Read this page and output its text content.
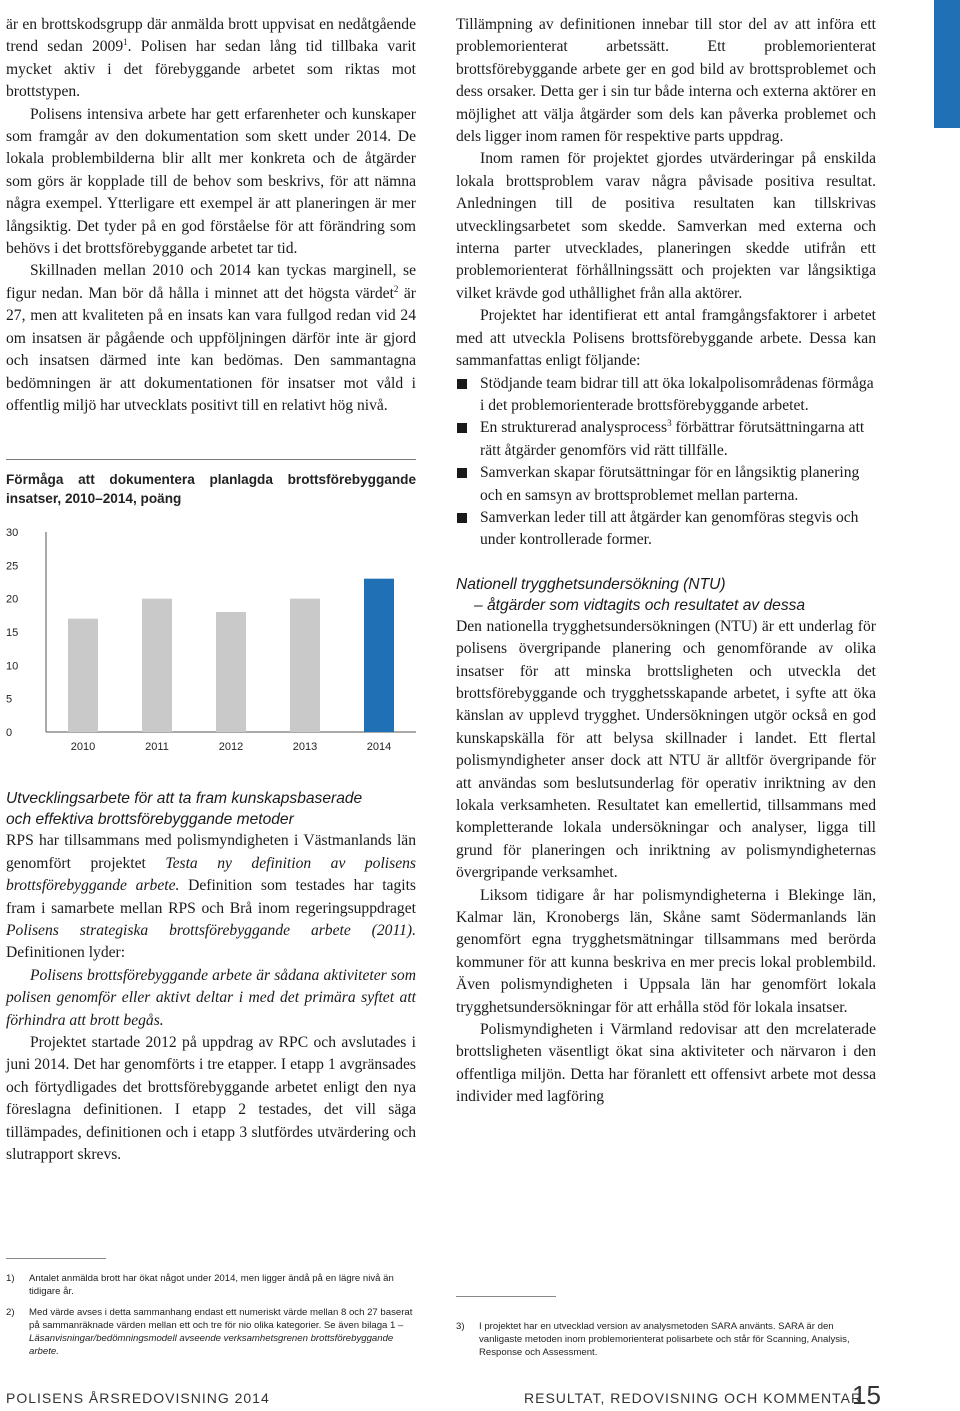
är en brottskodsgrupp där anmälda brott uppvisat en nedåtgående trend sedan 2009$^1$. Polisen har sedan lång tid tillbaka varit mycket aktiv i det förebyggande arbetet som riktas mot brottstypen.

Polisens intensiva arbete har gett erfarenheter och kunskaper som framgår av den dokumentation som skett under 2014. De lokala problembilderna blir allt mer konkreta och de åtgärder som görs är kopplade till de behov som beskrivs, för att nämna några exempel. Ytterligare ett exempel är att planeringen är mer långsiktig. Det tyder på en god förståelse för att förändring som behövs i det brottsförebyggande arbetet tar tid.

Skillnaden mellan 2010 och 2014 kan tyckas marginell, se figur nedan. Man bör då hålla i minnet att det högsta värdet$^2$ är 27, men att kvaliteten på en insats kan vara fullgod redan vid 24 om insatsen är pågående och uppföljningen därför inte är gjord och insatsen därmed inte kan bedömas. Den sammantagna bedömningen är att dokumentationen för insatser mot våld i offentlig miljö har utvecklats positivt till en relativt hög nivå.

Förmåga att dokumentera planlagda brottsförebyggande insatser, 2010–2014, poäng

0
5
10
15
20
25
30
2010	2011	2012	2013	2014

Utvecklingsarbete för att ta fram kunskapsbaserade

och effektiva brottsförebyggande metoder

RPS har tillsammans med polismyndigheten i Västmanlands län genomfört projektet Testa ny definition av polisens brottsförebyggande arbete. Definition som testades har tagits fram i samarbete mellan RPS och Brå inom regeringsuppdraget Polisens strategiska brottsförebyggande arbete (2011). Definitionen lyder:

Polisens brottsförebyggande arbete är sådana aktiviteter som polisen genomför eller aktivt deltar i med det primära syftet att förhindra att brott begås.

Projektet startade 2012 på uppdrag av RPC och avslutades i juni 2014. Det har genomförts i tre etapper. I etapp 1 avgränsades och förtydligades det brottsförebyggande arbetet enligt den nya föreslagna definitionen. I etapp 2 testades, det vill säga tillämpades, definitionen och i etapp 3 slutfördes utvärdering och slutrapport skrevs.

Tillämpning av definitionen innebar till stor del av att införa ett problemorienterat arbetssätt. Ett problemorienterat brottsförebyggande arbete ger en god bild av brottsproblemet och dess orsaker. Detta ger i sin tur både interna och externa aktörer en möjlighet att välja åtgärder som dels kan påverka problemet och dels ligger inom ramen för respektive parts uppdrag.

Inom ramen för projektet gjordes utvärderingar på enskilda lokala brottsproblem varav några påvisade positiva resultat. Anledningen till de positiva resultaten kan tillskrivas utvecklingsarbetet som skedde. Samverkan med externa och interna parter utvecklades, planeringen skedde utifrån ett problemorienterat förhållningssätt och projekten var långsiktiga vilket krävde god uthållighet från alla aktörer.

Projektet har identifierat ett antal framgångsfaktorer i arbetet med att utveckla Polisens brottsförebyggande arbete. Dessa kan sammanfattas enligt följande:

Stödjande team bidrar till att öka lokalpolisområdenas förmåga i det problemorienterade brottsförebyggande arbetet.
En strukturerad analysprocess$^3$ förbättrar förutsättningarna att rätt åtgärder genomförs vid rätt tillfälle.
Samverkan skapar förutsättningar för en långsiktig planering och en samsyn av brottsproblemet mellan parterna.
Samverkan leder till att åtgärder kan genomföras stegvis och under kontrollerade former.

Nationell trygghetsundersökning (NTU)

– åtgärder som vidtagits och resultatet av dessa

Den nationella trygghetsundersökningen (NTU) är ett underlag för polisens övergripande planering och genomförande av olika insatser för att minska brottsligheten och utveckla det brottsförebyggande och trygghetsskapande arbetet, i syfte att öka känslan av upplevd trygghet. Undersökningen utgör också en god kunskapskälla för att belysa skillnader i landet. Ett flertal polismyndigheter anser dock att NTU är alltför övergripande för att användas som beslutsunderlag för operativ inriktning av den lokala verksamheten. Resultatet kan emellertid, tillsammans med kompletterande lokala undersökningar och analyser, ligga till grund för planeringen och inriktning av polismyndigheternas övergripande verksamhet.

Liksom tidigare år har polismyndigheterna i Blekinge län, Kalmar län, Kronobergs län, Skåne samt Södermanlands län genomfört egna trygghetsmätningar tillsammans med berörda kommuner för att kunna beskriva en mer precis lokal problembild. Även polismyndigheten i Uppsala län har genomfört lokala trygghetsundersökningar för att erhålla stöd för lokala insatser.

Polismyndigheten i Värmland redovisar att den mcrelaterade brottsligheten väsentligt ökat sina aktiviteter och närvaron i den offentliga miljön. Detta har föranlett ett offensivt arbete mot dessa individer med lagföring

1)	Antalet anmälda brott har ökat något under 2014, men ligger ändå på en lägre nivå än tidigare år.
2)	Med värde avses i detta sammanhang endast ett numeriskt värde mellan 8 och 27 baserat på sammanräknade värden mellan ett och tre för nio olika kategorier. Se även bilaga 1 – Läsanvisningar/bedömningsmodell avseende verksamhetsgrenen brottsförebyggande arbete.
3)	I projektet har en utvecklad version av analysmetoden SARA använts. SARA är den vanligaste metoden inom problemorienterat polisarbete och står för Scanning, Analysis, Response och Assessment.
POLISENS ÅRSREDOVISNING 2014	RESULTAT, REDOVISNING OCH KOMMENTAR
15
